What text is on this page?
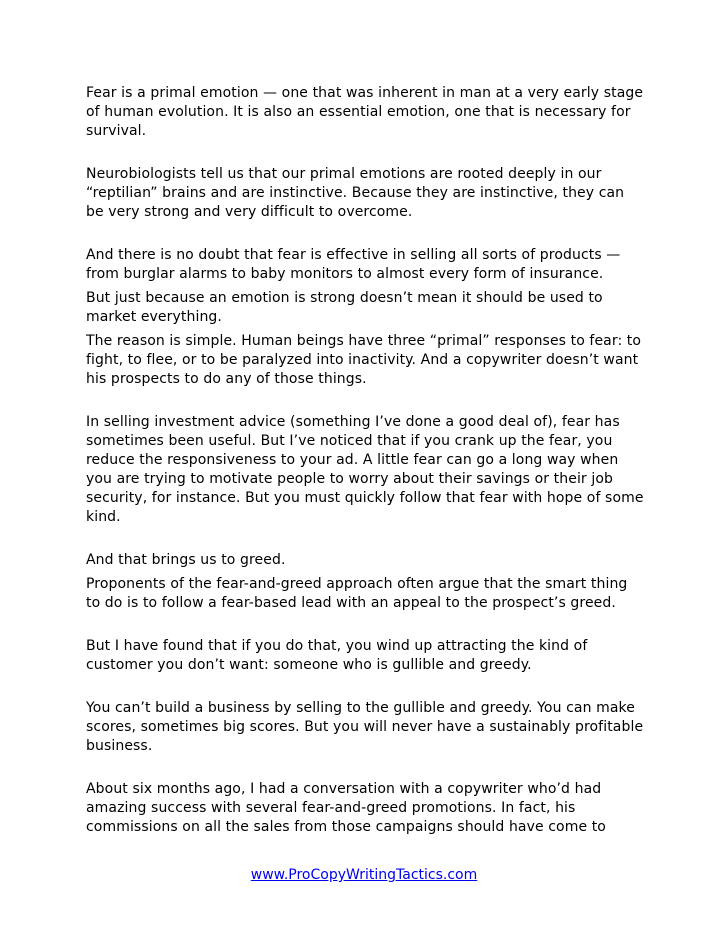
Fear is a primal emotion — one that was inherent in man at a very early stage of human evolution. It is also an essential emotion, one that is necessary for survival.

Neurobiologists tell us that our primal emotions are rooted deeply in our “reptilian” brains and are instinctive. Because they are instinctive, they can be very strong and very difficult to overcome.

And there is no doubt that fear is effective in selling all sorts of products — from burglar alarms to baby monitors to almost every form of insurance.

But just because an emotion is strong doesn’t mean it should be used to market everything.

The reason is simple. Human beings have three “primal” responses to fear: to fight, to flee, or to be paralyzed into inactivity. And a copywriter doesn’t want his prospects to do any of those things.

In selling investment advice (something I’ve done a good deal of), fear has sometimes been useful. But I’ve noticed that if you crank up the fear, you reduce the responsiveness to your ad. A little fear can go a long way when you are trying to motivate people to worry about their savings or their job security, for instance. But you must quickly follow that fear with hope of some kind.

And that brings us to greed.

Proponents of the fear-and-greed approach often argue that the smart thing to do is to follow a fear-based lead with an appeal to the prospect’s greed.

But I have found that if you do that, you wind up attracting the kind of customer you don’t want: someone who is gullible and greedy.

You can’t build a business by selling to the gullible and greedy. You can make scores, sometimes big scores. But you will never have a sustainably profitable business.

About six months ago, I had a conversation with a copywriter who’d had amazing success with several fear-and-greed promotions. In fact, his commissions on all the sales from those campaigns should have come to

www.ProCopyWritingTactics.com
